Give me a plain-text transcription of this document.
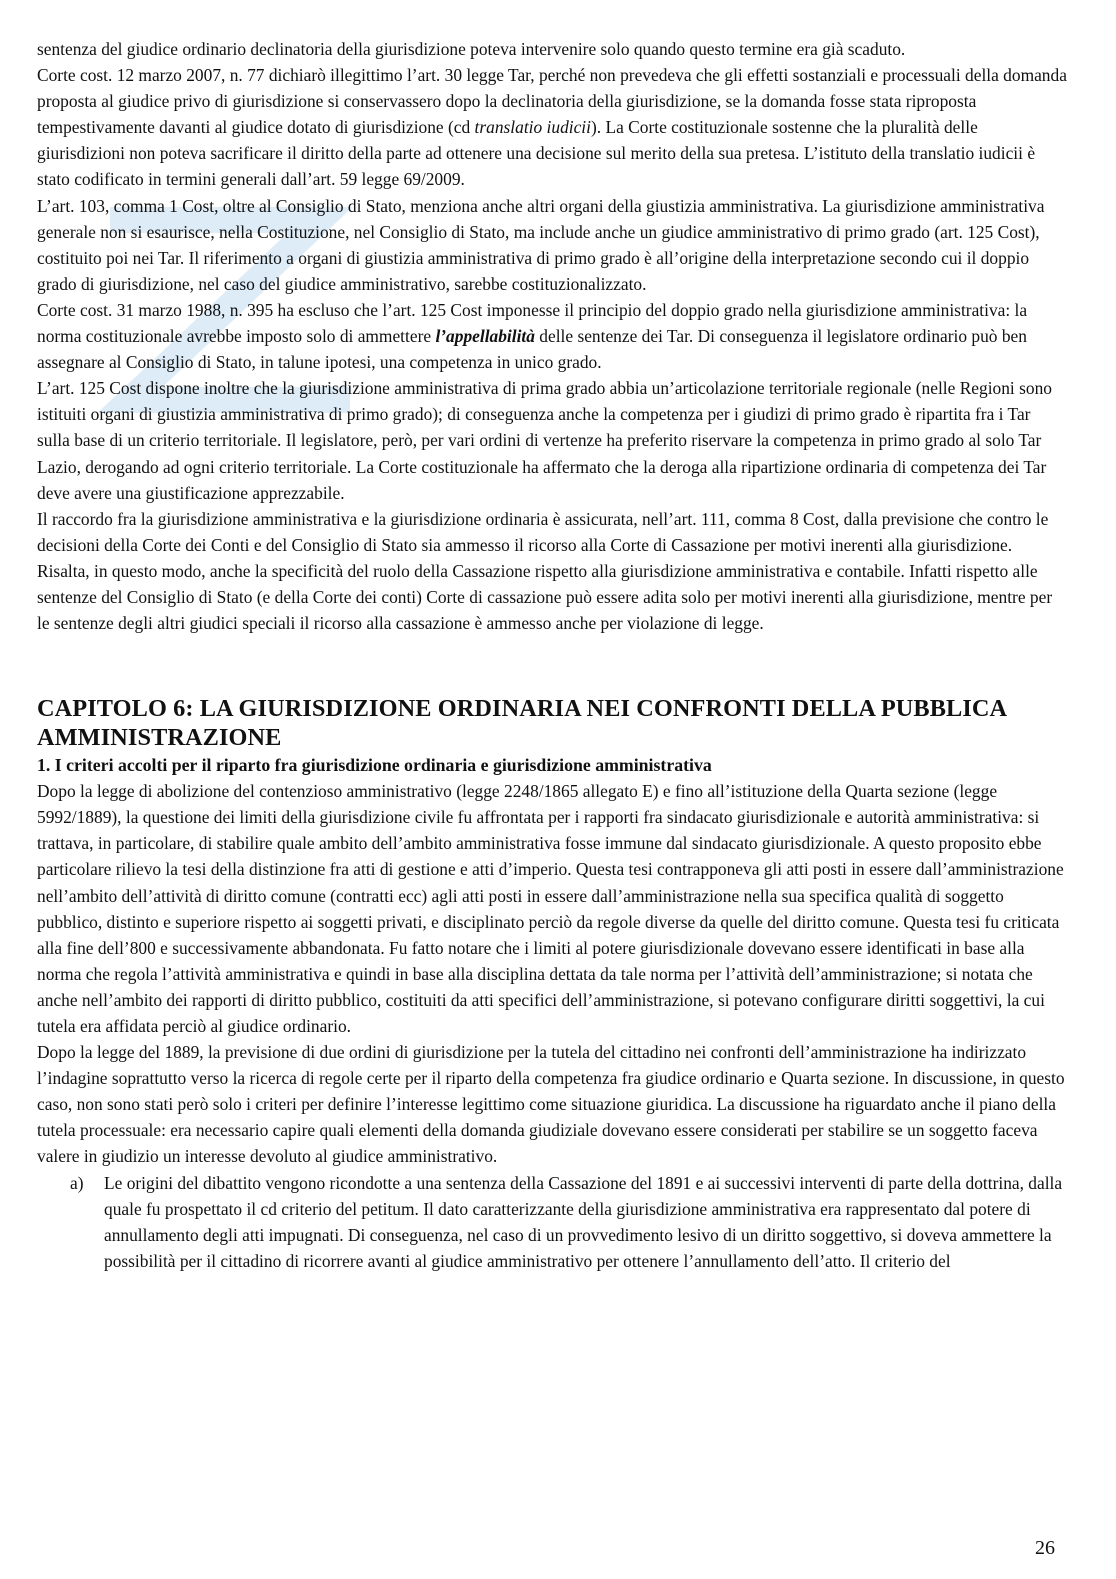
sentenza del giudice ordinario declinatoria della giurisdizione poteva intervenire solo quando questo termine era già scaduto.

Corte cost. 12 marzo 2007, n. 77 dichiarò illegittimo l’art. 30 legge Tar, perché non prevedeva che gli effetti sostanziali e processuali della domanda proposta al giudice privo di giurisdizione si conservassero dopo la declinatoria della giurisdizione, se la domanda fosse stata riproposta tempestivamente davanti al giudice dotato di giurisdizione (cd translatio iudicii). La Corte costituzionale sostenne che la pluralità delle giurisdizioni non poteva sacrificare il diritto della parte ad ottenere una decisione sul merito della sua pretesa. L’istituto della translatio iudicii è stato codificato in termini generali dall’art. 59 legge 69/2009.

L’art. 103, comma 1 Cost, oltre al Consiglio di Stato, menziona anche altri organi della giustizia amministrativa. La giurisdizione amministrativa generale non si esaurisce, nella Costituzione, nel Consiglio di Stato, ma include anche un giudice amministrativo di primo grado (art. 125 Cost), costituito poi nei Tar. Il riferimento a organi di giustizia amministrativa di primo grado è all’origine della interpretazione secondo cui il doppio grado di giurisdizione, nel caso del giudice amministrativo, sarebbe costituzionalizzato.

Corte cost. 31 marzo 1988, n. 395 ha escluso che l’art. 125 Cost imponesse il principio del doppio grado nella giurisdizione amministrativa: la norma costituzionale avrebbe imposto solo di ammettere l’appellabilità delle sentenze dei Tar. Di conseguenza il legislatore ordinario può ben assegnare al Consiglio di Stato, in talune ipotesi, una competenza in unico grado.

L’art. 125 Cost dispone inoltre che la giurisdizione amministrativa di prima grado abbia un’articolazione territoriale regionale (nelle Regioni sono istituiti organi di giustizia amministrativa di primo grado); di conseguenza anche la competenza per i giudizi di primo grado è ripartita fra i Tar sulla base di un criterio territoriale. Il legislatore, però, per vari ordini di vertenze ha preferito riservare la competenza in primo grado al solo Tar Lazio, derogando ad ogni criterio territoriale. La Corte costituzionale ha affermato che la deroga alla ripartizione ordinaria di competenza dei Tar deve avere una giustificazione apprezzabile.

Il raccordo fra la giurisdizione amministrativa e la giurisdizione ordinaria è assicurata, nell’art. 111, comma 8 Cost, dalla previsione che contro le decisioni della Corte dei Conti e del Consiglio di Stato sia ammesso il ricorso alla Corte di Cassazione per motivi inerenti alla giurisdizione.

Risalta, in questo modo, anche la specificità del ruolo della Cassazione rispetto alla giurisdizione amministrativa e contabile. Infatti rispetto alle sentenze del Consiglio di Stato (e della Corte dei conti) Corte di cassazione può essere adita solo per motivi inerenti alla giurisdizione, mentre per le sentenze degli altri giudici speciali il ricorso alla cassazione è ammesso anche per violazione di legge.

CAPITOLO 6: LA GIURISDIZIONE ORDINARIA NEI CONFRONTI DELLA PUBBLICA AMMINISTRAZIONE
1. I criteri accolti per il riparto fra giurisdizione ordinaria e giurisdizione amministrativa

Dopo la legge di abolizione del contenzioso amministrativo (legge 2248/1865 allegato E) e fino all’istituzione della Quarta sezione (legge 5992/1889), la questione dei limiti della giurisdizione civile fu affrontata per i rapporti fra sindacato giurisdizionale e autorità amministrativa: si trattava, in particolare, di stabilire quale ambito dell’ambito amministrativa fosse immune dal sindacato giurisdizionale. A questo proposito ebbe particolare rilievo la tesi della distinzione fra atti di gestione e atti d’imperio. Questa tesi contrapponeva gli atti posti in essere dall’amministrazione nell’ambito dell’attività di diritto comune (contratti ecc) agli atti posti in essere dall’amministrazione nella sua specifica qualità di soggetto pubblico, distinto e superiore rispetto ai soggetti privati, e disciplinato perciò da regole diverse da quelle del diritto comune. Questa tesi fu criticata alla fine dell’800 e successivamente abbandonata. Fu fatto notare che i limiti al potere giurisdizionale dovevano essere identificati in base alla norma che regola l’attività amministrativa e quindi in base alla disciplina dettata da tale norma per l’attività dell’amministrazione; si notata che anche nell’ambito dei rapporti di diritto pubblico, costituiti da atti specifici dell’amministrazione, si potevano configurare diritti soggettivi, la cui tutela era affidata perciò al giudice ordinario.

Dopo la legge del 1889, la previsione di due ordini di giurisdizione per la tutela del cittadino nei confronti dell’amministrazione ha indirizzato l’indagine soprattutto verso la ricerca di regole certe per il riparto della competenza fra giudice ordinario e Quarta sezione. In discussione, in questo caso, non sono stati però solo i criteri per definire l’interesse legittimo come situazione giuridica. La discussione ha riguardato anche il piano della tutela processuale: era necessario capire quali elementi della domanda giudiziale dovevano essere considerati per stabilire se un soggetto faceva valere in giudizio un interesse devoluto al giudice amministrativo.

a) Le origini del dibattito vengono ricondotte a una sentenza della Cassazione del 1891 e ai successivi interventi di parte della dottrina, dalla quale fu prospettato il cd criterio del petitum. Il dato caratterizzante della giurisdizione amministrativa era rappresentato dal potere di annullamento degli atti impugnati. Di conseguenza, nel caso di un provvedimento lesivo di un diritto soggettivo, si doveva ammettere la possibilità per il cittadino di ricorrere avanti al giudice amministrativo per ottenere l’annullamento dell’atto. Il criterio del
26
